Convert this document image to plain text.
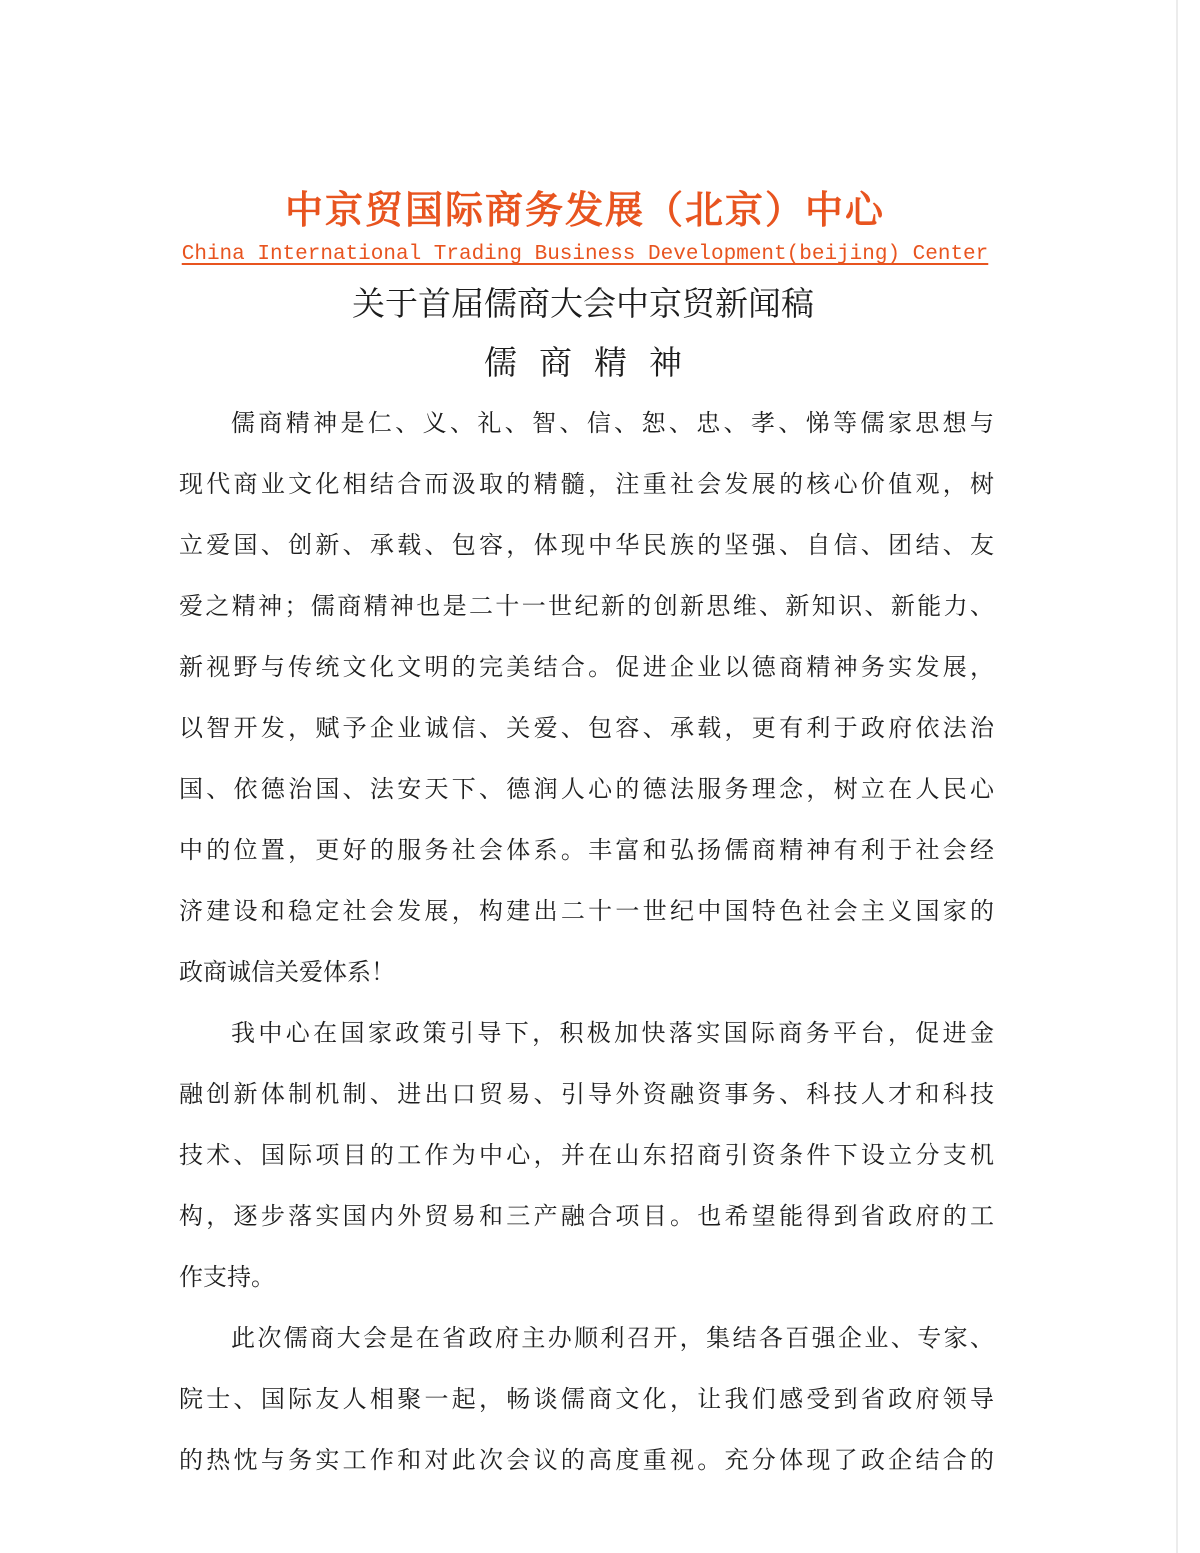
中京贸国际商务发展（北京）中心
China International Trading Business Development(beijing) Center
关于首届儒商大会中京贸新闻稿
儒商精神
儒商精神是仁、义、礼、智、信、恕、忠、孝、悌等儒家思想与
现代商业文化相结合而汲取的精髓，注重社会发展的核心价值观，树
立爱国、创新、承载、包容，体现中华民族的坚强、自信、团结、友
爱之精神；儒商精神也是二十一世纪新的创新思维、新知识、新能力、
新视野与传统文化文明的完美结合。促进企业以德商精神务实发展，
以智开发，赋予企业诚信、关爱、包容、承载，更有利于政府依法治
国、依德治国、法安天下、德润人心的德法服务理念，树立在人民心
中的位置，更好的服务社会体系。丰富和弘扬儒商精神有利于社会经
济建设和稳定社会发展，构建出二十一世纪中国特色社会主义国家的
政商诚信关爱体系！
我中心在国家政策引导下，积极加快落实国际商务平台，促进金
融创新体制机制、进出口贸易、引导外资融资事务、科技人才和科技
技术、国际项目的工作为中心，并在山东招商引资条件下设立分支机
构，逐步落实国内外贸易和三产融合项目。也希望能得到省政府的工
作支持。
此次儒商大会是在省政府主办顺利召开，集结各百强企业、专家、
院士、国际友人相聚一起，畅谈儒商文化，让我们感受到省政府领导
的热忱与务实工作和对此次会议的高度重视。充分体现了政企结合的
